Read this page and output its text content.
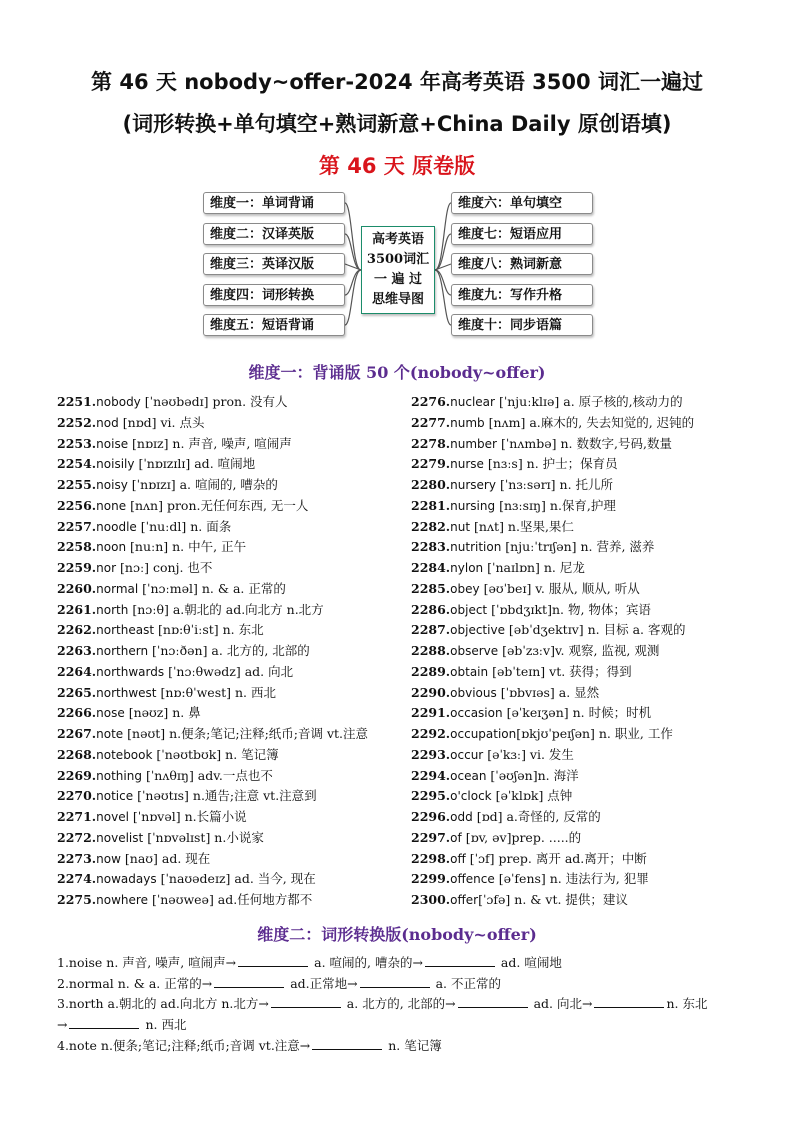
第 46 天 nobody~offer-2024 年高考英语 3500 词汇一遍过
(词形转换+单句填空+熟词新意+China Daily 原创语填)
第 46 天 原卷版
维度一：单词背诵
维度二：汉译英版
维度三：英译汉版
维度四：词形转换
维度五：短语背诵
维度六：单句填空
维度七：短语应用
维度八：熟词新意
维度九：写作升格
维度十：同步语篇
高考英语
3500词汇
一 遍 过
思维导图
维度一：背诵版 50 个(nobody~offer)
2251.nobody [ˈnəʊbədɪ] pron. 没有人
2252.nod [nɒd] vi. 点头
2253.noise [nɒɪz] n. 声音, 噪声, 喧闹声
2254.noisily [ˈnɒɪzɪlɪ] ad. 喧闹地
2255.noisy [ˈnɒɪzɪ] a. 喧闹的, 嘈杂的
2256.none [nʌn] pron.无任何东西, 无一人
2257.noodle [ˈnuːdl] n. 面条
2258.noon [nuːn] n. 中午, 正午
2259.nor [nɔː] conj. 也不
2260.normal [ˈnɔːməl] n. & a. 正常的
2261.north [nɔːθ] a.朝北的 ad.向北方 n.北方
2262.northeast [nɒ:θˈiːst] n. 东北
2263.northern [ˈnɔːðən] a. 北方的, 北部的
2264.northwards [ˈnɔːθwədz] ad. 向北
2265.northwest [nɒ:θˈwest] n. 西北
2266.nose [nəʊz] n. 鼻
2267.note [nəʊt] n.便条;笔记;注释;纸币;音调 vt.注意
2268.notebook [ˈnəʊtbʊk] n. 笔记簿
2269.nothing [ˈnʌθɪŋ] adv.一点也不
2270.notice [ˈnəʊtɪs] n.通告;注意 vt.注意到
2271.novel [ˈnɒvəl] n.长篇小说
2272.novelist [ˈnɒvəlɪst] n.小说家
2273.now [naʊ] ad. 现在
2274.nowadays [ˈnaʊədeɪz] ad. 当今, 现在
2275.nowhere [ˈnəʊweə] ad.任何地方都不
2276.nuclear [ˈnjuːklɪə] a. 原子核的,核动力的
2277.numb [nʌm] a.麻木的, 失去知觉的, 迟钝的
2278.number [ˈnʌmbə] n. 数数字,号码,数量
2279.nurse [nɜːs] n. 护士；保育员
2280.nursery [ˈnɜːsərɪ] n. 托儿所
2281.nursing [nɜːsɪŋ] n.保育,护理
2282.nut [nʌt] n.坚果,果仁
2283.nutrition [njuːˈtrɪʃən] n. 营养, 滋养
2284.nylon [ˈnaɪlɒn] n. 尼龙
2285.obey [əʊˈbeɪ] v. 服从, 顺从, 听从
2286.object [ˈɒbdʒɪkt]n. 物, 物体；宾语
2287.objective [əbˈdʒektɪv] n. 目标 a. 客观的
2288.observe [əbˈzɜːv]v. 观察, 监视, 观测
2289.obtain [əbˈteɪn] vt. 获得；得到
2290.obvious [ˈɒbvɪəs] a. 显然
2291.occasion [əˈkeɪʒən] n. 时候；时机
2292.occupation[ɒkjʊˈpeɪʃən] n. 职业, 工作
2293.occur [əˈkɜː] vi. 发生
2294.ocean [ˈəʊʃən]n. 海洋
2295.o'clock [əˈklɒk] 点钟
2296.odd [ɒd] a.奇怪的, 反常的
2297.of [ɒv, əv]prep. .....的
2298.off [ˈɔf] prep. 离开 ad.离开；中断
2299.offence [əˈfens] n. 违法行为, 犯罪
2300.offer[ˈɔfə] n. & vt. 提供；建议
维度二：词形转换版(nobody~offer)
1.noise n. 声音, 噪声, 喧闹声→	a. 喧闹的, 嘈杂的→	ad. 喧闹地
2.normal n. & a. 正常的→	ad.正常地→	a. 不正常的
3.north a.朝北的 ad.向北方 n.北方→	a. 北方的, 北部的→	ad. 向北→	n. 东北
→	n. 西北
4.note n.便条;笔记;注释;纸币;音调 vt.注意→	n. 笔记簿
